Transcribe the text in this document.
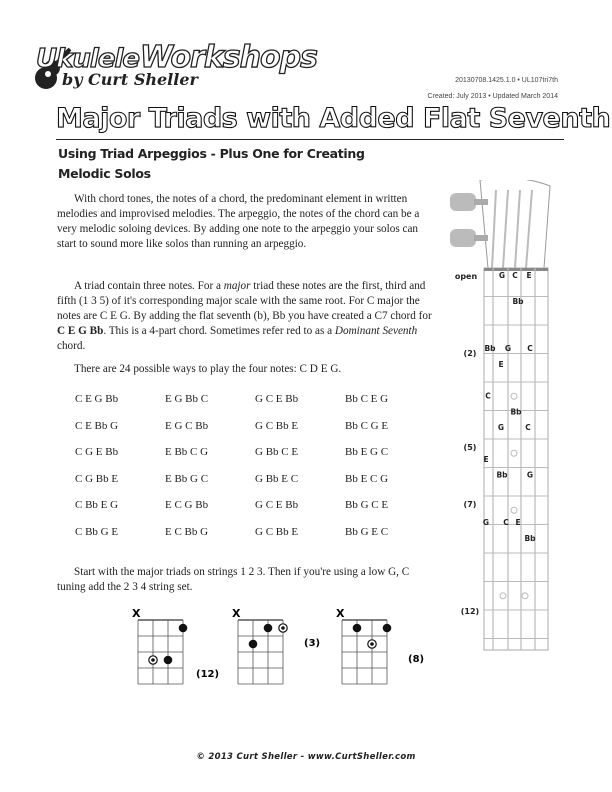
Ukulele Workshops
by Curt Sheller	20130708.1425.1.0 • UL107tri7th
Created: July 2013 • Updated March 2014
Major Triads with Added Flat Seventh
Using Triad Arpeggios - Plus One for Creating
Melodic Solos
With chord tones, the notes of a chord, the predominant element in written melodies and improvised melodies. The arpeggio, the notes of the chord can be a very melodic soloing devices. By adding one note to the arpeggio your solos can start to sound more like solos than running an arpeggio.
A triad contain three notes. For a major triad these notes are the first, third and fifth (1 3 5) of it's corresponding major scale with the same root. For C major the notes are C E G. By adding the flat seventh (b), Bb you have created a C7 chord for C E G Bb. This is a 4-part chord. Sometimes refer red to as a Dominant Seventh chord.
There are 24 possible ways to play the four notes: C D E G.
C E G Bb	E G Bb C	G C E Bb	Bb C E G
C E Bb G	E G C Bb	G C Bb E	Bb C G E
C G E Bb	E Bb C G	G Bb C E	Bb E G C
C G Bb E	E Bb G C	G Bb E C	Bb E C G
C Bb E G	E C G Bb	G C E Bb	Bb G C E
C Bb G E	E C Bb G	G C Bb E	Bb G E C
Start with the major triads on strings 1 2 3. Then if you're using a low G, C tuning add the 2 3 4 string set.
X
(12)
X
(3)
X
(8)
open	G C E
(2)
(5)
(7)
(12)
Bb
Bb G C
E
C
Bb
G	C
E
Bb	G
G C E
Bb
© 2013 Curt Sheller - www.CurtSheller.com
